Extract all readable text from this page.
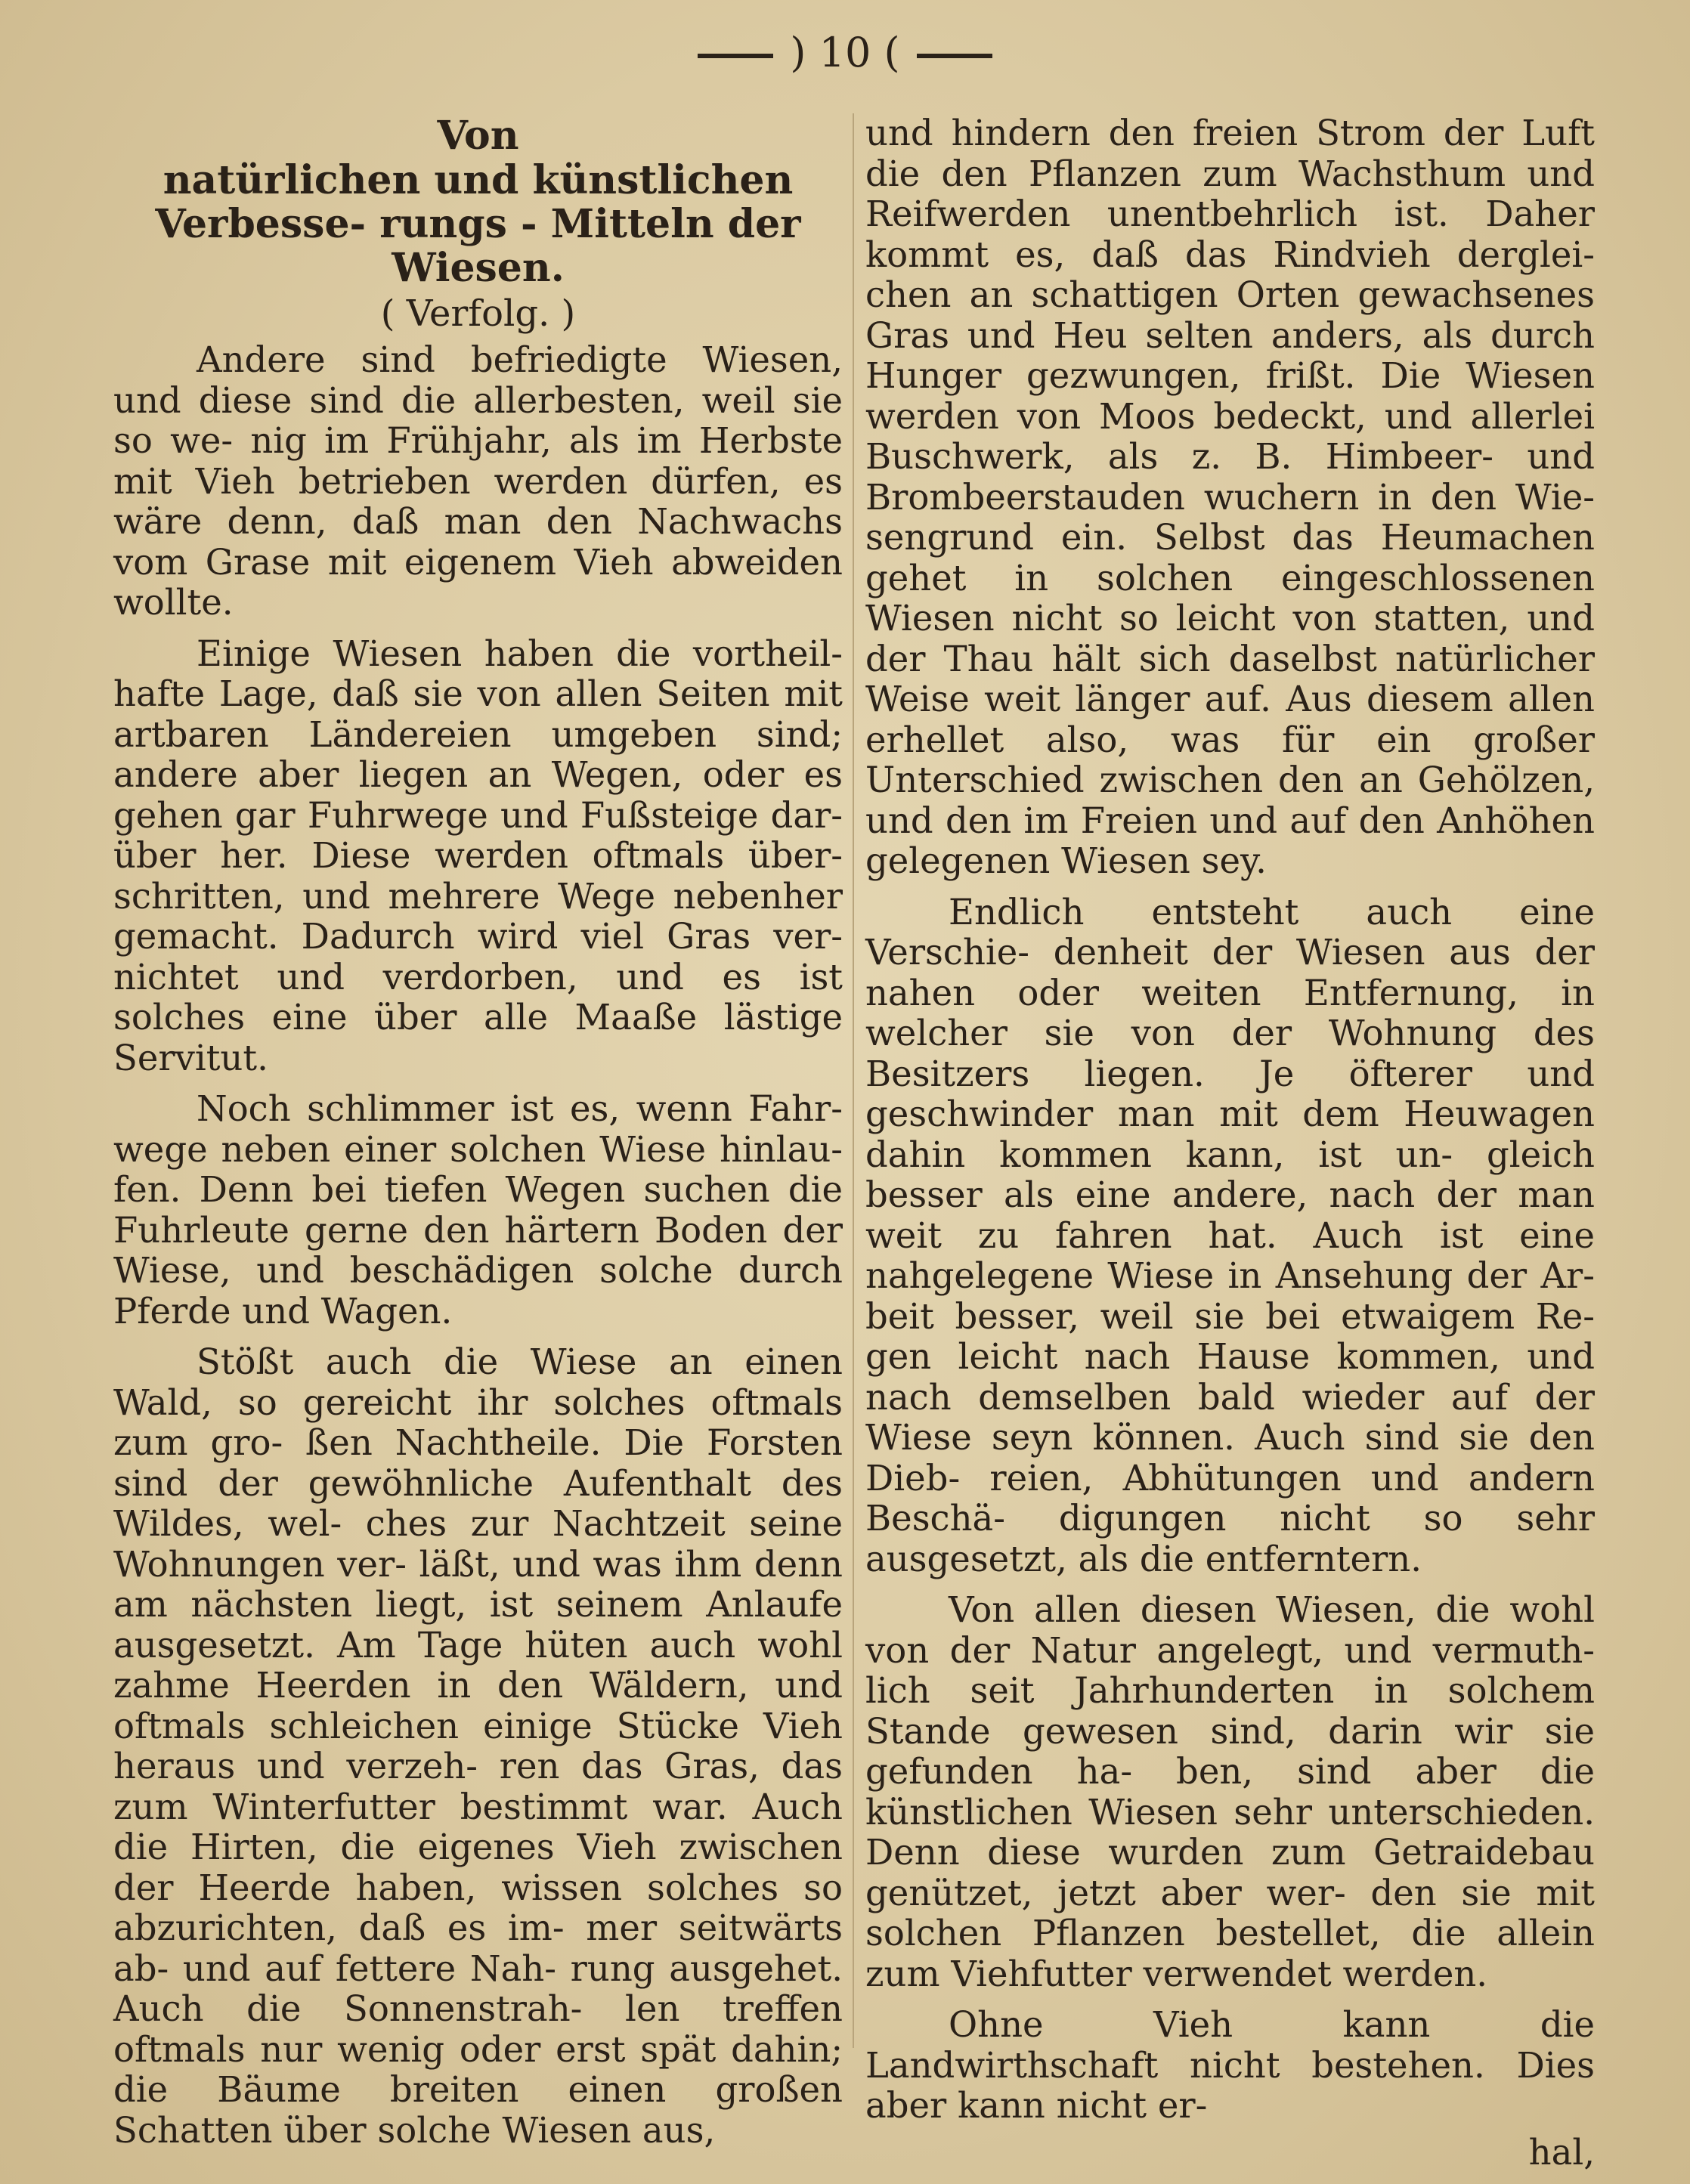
) 10 (
Von
natürlichen und künstlichen Verbesse- rungs - Mitteln der Wiesen.
( Verfolg. )

Andere sind befriedigte Wiesen, und diese sind die allerbesten, weil sie so we- nig im Frühjahr, als im Herbste mit Vieh betrieben werden dürfen, es wäre denn, daß man den Nachwachs vom Grase mit eigenem Vieh abweiden wollte.

Einige Wiesen haben die vortheil- hafte Lage, daß sie von allen Seiten mit artbaren Ländereien umgeben sind; andere aber liegen an Wegen, oder es gehen gar Fuhrwege und Fußsteige dar- über her. Diese werden oftmals über- schritten, und mehrere Wege nebenher gemacht. Dadurch wird viel Gras ver- nichtet und verdorben, und es ist solches eine über alle Maaße lästige Servitut.

Noch schlimmer ist es, wenn Fahr- wege neben einer solchen Wiese hinlau- fen. Denn bei tiefen Wegen suchen die Fuhrleute gerne den härtern Boden der Wiese, und beschädigen solche durch Pferde und Wagen.

Stößt auch die Wiese an einen Wald, so gereicht ihr solches oftmals zum gro- ßen Nachtheile. Die Forsten sind der gewöhnliche Aufenthalt des Wildes, wel- ches zur Nachtzeit seine Wohnungen ver- läßt, und was ihm denn am nächsten liegt, ist seinem Anlaufe ausgesetzt. Am Tage hüten auch wohl zahme Heerden in den Wäldern, und oftmals schleichen einige Stücke Vieh heraus und verzeh- ren das Gras, das zum Winterfutter bestimmt war. Auch die Hirten, die eigenes Vieh zwischen der Heerde haben, wissen solches so abzurichten, daß es im- mer seitwärts ab- und auf fettere Nah- rung ausgehet. Auch die Sonnenstrah- len treffen oftmals nur wenig oder erst spät dahin; die Bäume breiten einen großen Schatten über solche Wiesen aus,

und hindern den freien Strom der Luft die den Pflanzen zum Wachsthum und Reifwerden unentbehrlich ist. Daher kommt es, daß das Rindvieh derglei- chen an schattigen Orten gewachsenes Gras und Heu selten anders, als durch Hunger gezwungen, frißt. Die Wiesen werden von Moos bedeckt, und allerlei Buschwerk, als z. B. Himbeer- und Brombeerstauden wuchern in den Wie- sengrund ein. Selbst das Heumachen gehet in solchen eingeschlossenen Wiesen nicht so leicht von statten, und der Thau hält sich daselbst natürlicher Weise weit länger auf. Aus diesem allen erhellet also, was für ein großer Unterschied zwischen den an Gehölzen, und den im Freien und auf den Anhöhen gelegenen Wiesen sey.

Endlich entsteht auch eine Verschie- denheit der Wiesen aus der nahen oder weiten Entfernung, in welcher sie von der Wohnung des Besitzers liegen. Je öfterer und geschwinder man mit dem Heuwagen dahin kommen kann, ist un- gleich besser als eine andere, nach der man weit zu fahren hat. Auch ist eine nahgelegene Wiese in Ansehung der Ar- beit besser, weil sie bei etwaigem Re- gen leicht nach Hause kommen, und nach demselben bald wieder auf der Wiese seyn können. Auch sind sie den Dieb- reien, Abhütungen und andern Beschä- digungen nicht so sehr ausgesetzt, als die entferntern.

Von allen diesen Wiesen, die wohl von der Natur angelegt, und vermuth- lich seit Jahrhunderten in solchem Stande gewesen sind, darin wir sie gefunden ha- ben, sind aber die künstlichen Wiesen sehr unterschieden. Denn diese wurden zum Getraidebau genützet, jetzt aber wer- den sie mit solchen Pflanzen bestellet, die allein zum Viehfutter verwendet werden.

Ohne Vieh kann die Landwirthschaft nicht bestehen. Dies aber kann nicht er-

hal,
